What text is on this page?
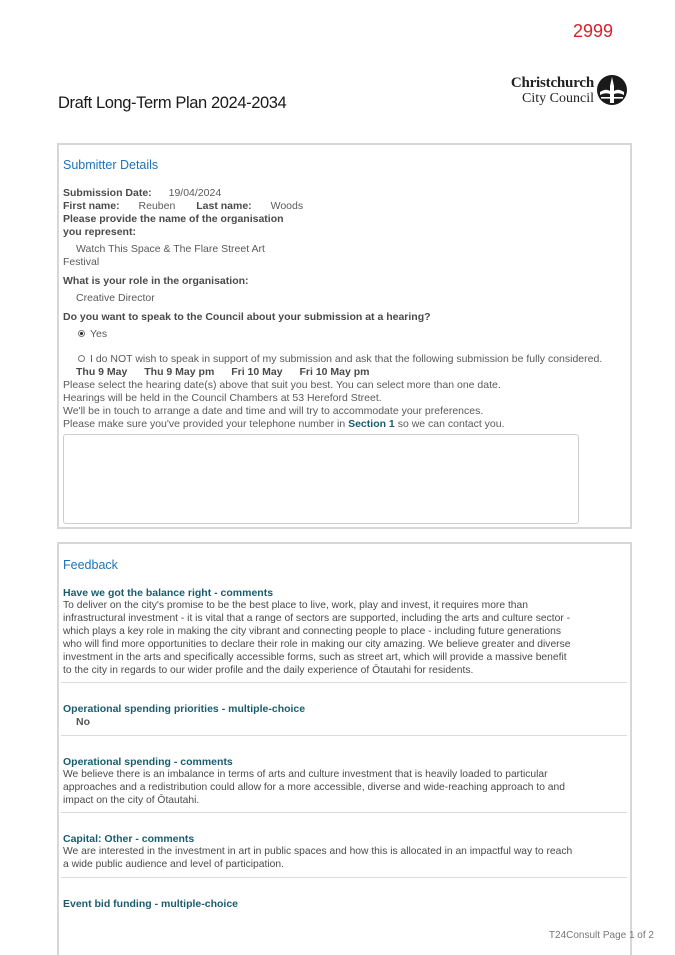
2999
Draft Long-Term Plan 2024-2034
Christchurch
City Council
Submitter Details
Submission Date: 19/04/2024
First name: Reuben Last name: Woods
Please provide the name of the organisation
you represent:
Watch This Space & The Flare Street Art
Festival
What is your role in the organisation:
Creative Director
Do you want to speak to the Council about your submission at a hearing?
Yes
I do NOT wish to speak in support of my submission and ask that the following submission be fully considered.
Thu 9 May Thu 9 May pm Fri 10 May Fri 10 May pm
Please select the hearing date(s) above that suit you best. You can select more than one date.
Hearings will be held in the Council Chambers at 53 Hereford Street.
We'll be in touch to arrange a date and time and will try to accommodate your preferences.
Please make sure you've provided your telephone number in Section 1 so we can contact you.
Feedback
Have we got the balance right - comments
To deliver on the city's promise to be the best place to live, work, play and invest, it requires more than infrastructural investment - it is vital that a range of sectors are supported, including the arts and culture sector - which plays a key role in making the city vibrant and connecting people to place - including future generations who will find more opportunities to declare their role in making our city amazing. We believe greater and diverse investment in the arts and specifically accessible forms, such as street art, which will provide a massive benefit to the city in regards to our wider profile and the daily experience of Ōtautahi for residents.
Operational spending priorities - multiple-choice
No
Operational spending - comments
We believe there is an imbalance in terms of arts and culture investment that is heavily loaded to particular approaches and a redistribution could allow for a more accessible, diverse and wide-reaching approach to and impact on the city of Ōtautahi.
Capital: Other - comments
We are interested in the investment in art in public spaces and how this is allocated in an impactful way to reach a wide public audience and level of participation.
Event bid funding - multiple-choice
T24Consult Page 1 of 2
